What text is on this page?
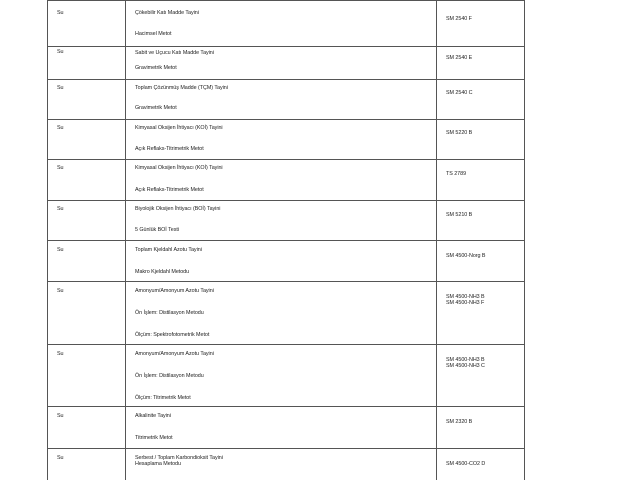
Su	Çökebilir Katı Madde Tayini
Hacimsel Metot
SM 2540 F
Su	Sabit ve Uçucu Katı Madde Tayini
Gravimetrik Metot
SM 2540 E
Su	Toplam Çözünmüş Madde (TÇM) Tayini
Gravimetrik Metot
SM 2540 C
Su	Kimyasal Oksijen İhtiyacı (KOİ) Tayini
Açık Reflaks-Titrimetrik Metot
SM 5220 B
Su	Kimyasal Oksijen İhtiyacı (KOİ) Tayini
Açık Reflaks-Titrimetrik Metot
TS 2789
Su	Biyolojik Oksijen İhtiyacı (BOİ) Tayini
5 Günlük BOİ Testi
SM 5210 B
Su	Toplam Kjeldahl Azotu Tayini
Makro Kjeldahl Metodu
SM 4500-Norg B
Su	Amonyum/Amonyum Azotu Tayini
Ön İşlem: Distilasyon Metodu
Ölçüm: Spektrofotometrik Metot
SM 4500-NH3 B
SM 4500-NH3 F
Su	Amonyum/Amonyum Azotu Tayini
Ön İşlem: Distilasyon Metodu
Ölçüm: Titrimetrik Metot
SM 4500-NH3 B
SM 4500-NH3 C
Su	Alkalinite Tayini
Titrimetrik Metot
SM 2320 B
Su	Serbest / Toplam Karbondioksit Tayini
Hesaplama Metodu	SM 4500-CO2 D
